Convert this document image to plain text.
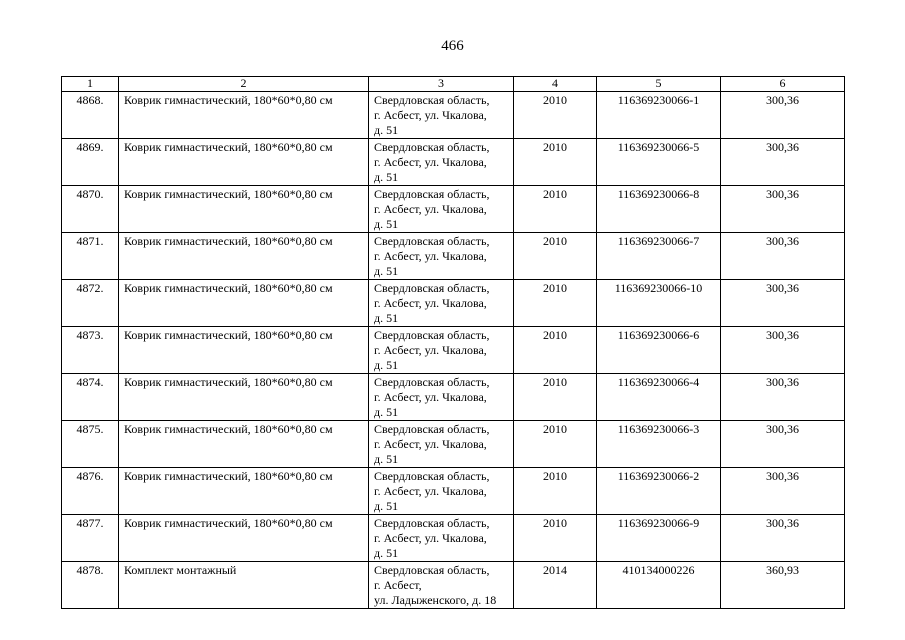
466
1	2	3	4	5	6
4868.	Коврик гимнастический, 180*60*0,80 см	Свердловская область,
г. Асбест, ул. Чкалова,
д. 51	2010	116369230066-1	300,36
4869.	Коврик гимнастический, 180*60*0,80 см	Свердловская область,
г. Асбест, ул. Чкалова,
д. 51	2010	116369230066-5	300,36
4870.	Коврик гимнастический, 180*60*0,80 см	Свердловская область,
г. Асбест, ул. Чкалова,
д. 51	2010	116369230066-8	300,36
4871.	Коврик гимнастический, 180*60*0,80 см	Свердловская область,
г. Асбест, ул. Чкалова,
д. 51	2010	116369230066-7	300,36
4872.	Коврик гимнастический, 180*60*0,80 см	Свердловская область,
г. Асбест, ул. Чкалова,
д. 51	2010	116369230066-10	300,36
4873.	Коврик гимнастический, 180*60*0,80 см	Свердловская область,
г. Асбест, ул. Чкалова,
д. 51	2010	116369230066-6	300,36
4874.	Коврик гимнастический, 180*60*0,80 см	Свердловская область,
г. Асбест, ул. Чкалова,
д. 51	2010	116369230066-4	300,36
4875.	Коврик гимнастический, 180*60*0,80 см	Свердловская область,
г. Асбест, ул. Чкалова,
д. 51	2010	116369230066-3	300,36
4876.	Коврик гимнастический, 180*60*0,80 см	Свердловская область,
г. Асбест, ул. Чкалова,
д. 51	2010	116369230066-2	300,36
4877.	Коврик гимнастический, 180*60*0,80 см	Свердловская область,
г. Асбест, ул. Чкалова,
д. 51	2010	116369230066-9	300,36
4878.	Комплект монтажный	Свердловская область,
г. Асбест,
ул. Ладыженского, д. 18	2014	410134000226	360,93
